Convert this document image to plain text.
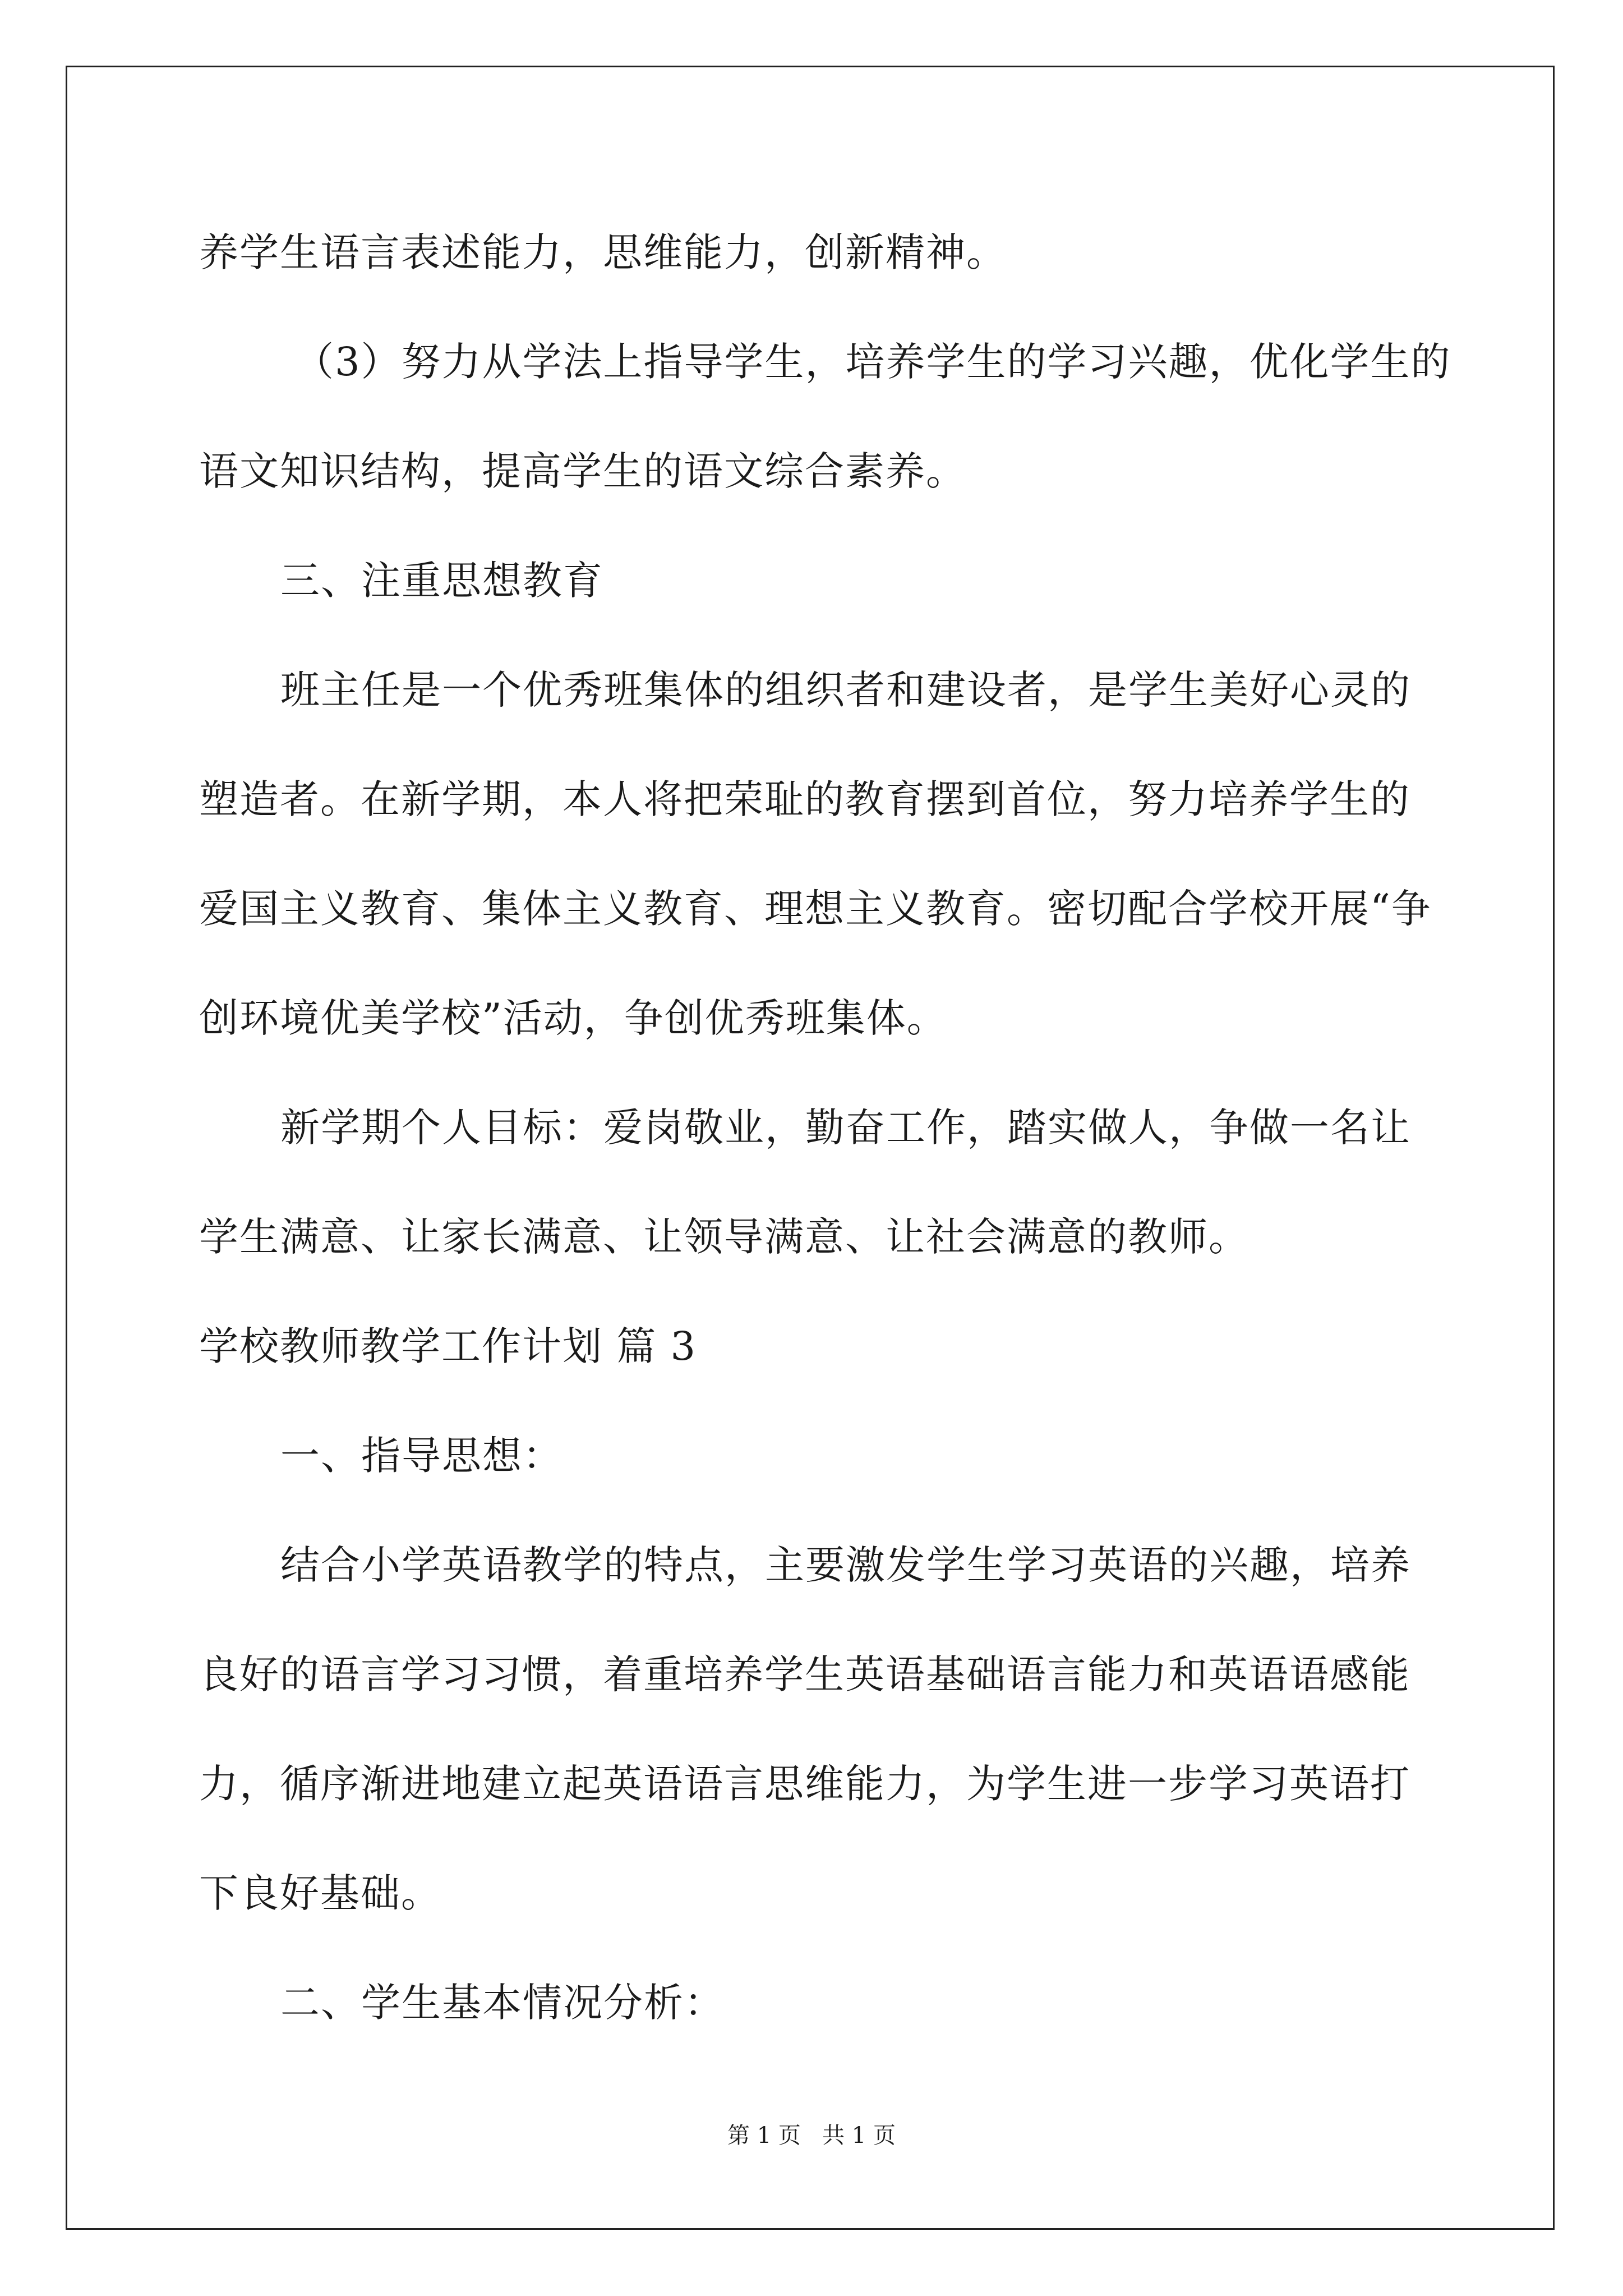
养学生语言表述能力，思维能力，创新精神。
（3）努力从学法上指导学生，培养学生的学习兴趣，优化学生的
语文知识结构，提高学生的语文综合素养。
三、注重思想教育
班主任是一个优秀班集体的组织者和建设者，是学生美好心灵的
塑造者。在新学期，本人将把荣耻的教育摆到首位，努力培养学生的
爱国主义教育、集体主义教育、理想主义教育。密切配合学校开展“争
创环境优美学校”活动，争创优秀班集体。
新学期个人目标：爱岗敬业，勤奋工作，踏实做人，争做一名让
学生满意、让家长满意、让领导满意、让社会满意的教师。
学校教师教学工作计划 篇 3
一、指导思想：
结合小学英语教学的特点，主要激发学生学习英语的兴趣，培养
良好的语言学习习惯，着重培养学生英语基础语言能力和英语语感能
力，循序渐进地建立起英语语言思维能力，为学生进一步学习英语打
下良好基础。
二、学生基本情况分析：
第 1 页   共 1 页
